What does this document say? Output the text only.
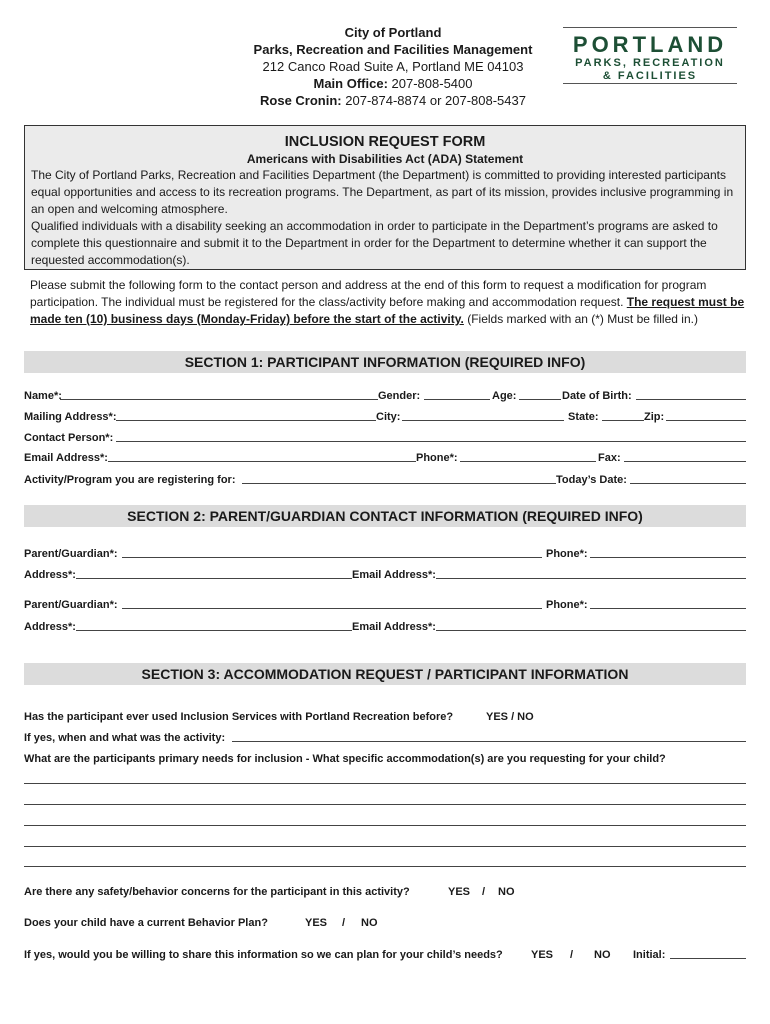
City of Portland
Parks, Recreation and Facilities Management
212 Canco Road Suite A, Portland ME 04103
Main Office: 207-808-5400
Rose Cronin: 207-874-8874 or 207-808-5437
PORTLAND
PARKS, RECREATION
& FACILITIES
INCLUSION REQUEST FORM
Americans with Disabilities Act (ADA) Statement
The City of Portland Parks, Recreation and Facilities Department (the Department) is committed to providing interested participants equal opportunities and access to its recreation programs. The Department, as part of its mission, provides inclusive programming in an open and welcoming atmosphere.
Qualified individuals with a disability seeking an accommodation in order to participate in the Department’s programs are asked to complete this questionnaire and submit it to the Department in order for the Department to determine whether it can support the requested accommodation(s).
Please submit the following form to the contact person and address at the end of this form to request a modification for program participation. The individual must be registered for the class/activity before making and accommodation request. The request must be made ten (10) business days (Monday-Friday) before the start of the activity. (Fields marked with an (*) Must be filled in.)
SECTION 1: PARTICIPANT INFORMATION (REQUIRED INFO)
Name*:	Gender:	Age:	Date of Birth:
Mailing Address*:	City:	State:	Zip:
Contact Person*:
Email Address*:	Phone*:	Fax:
Activity/Program you are registering for:	Today’s Date:
SECTION 2: PARENT/GUARDIAN CONTACT INFORMATION (REQUIRED INFO)
Parent/Guardian*:	Phone*:
Address*:	Email Address*:
Parent/Guardian*:	Phone*:
Address*:	Email Address*:
SECTION 3: ACCOMMODATION REQUEST / PARTICIPANT INFORMATION
Has the participant ever used Inclusion Services with Portland Recreation before?	YES / NO
If yes, when and what was the activity:
What are the participants primary needs for inclusion - What specific accommodation(s) are you requesting for your child?
Are there any safety/behavior concerns for the participant in this activity?	YES / NO
Does your child have a current Behavior Plan?	YES / NO
If yes, would you be willing to share this information so we can plan for your child’s needs?	YES / NO Initial:
